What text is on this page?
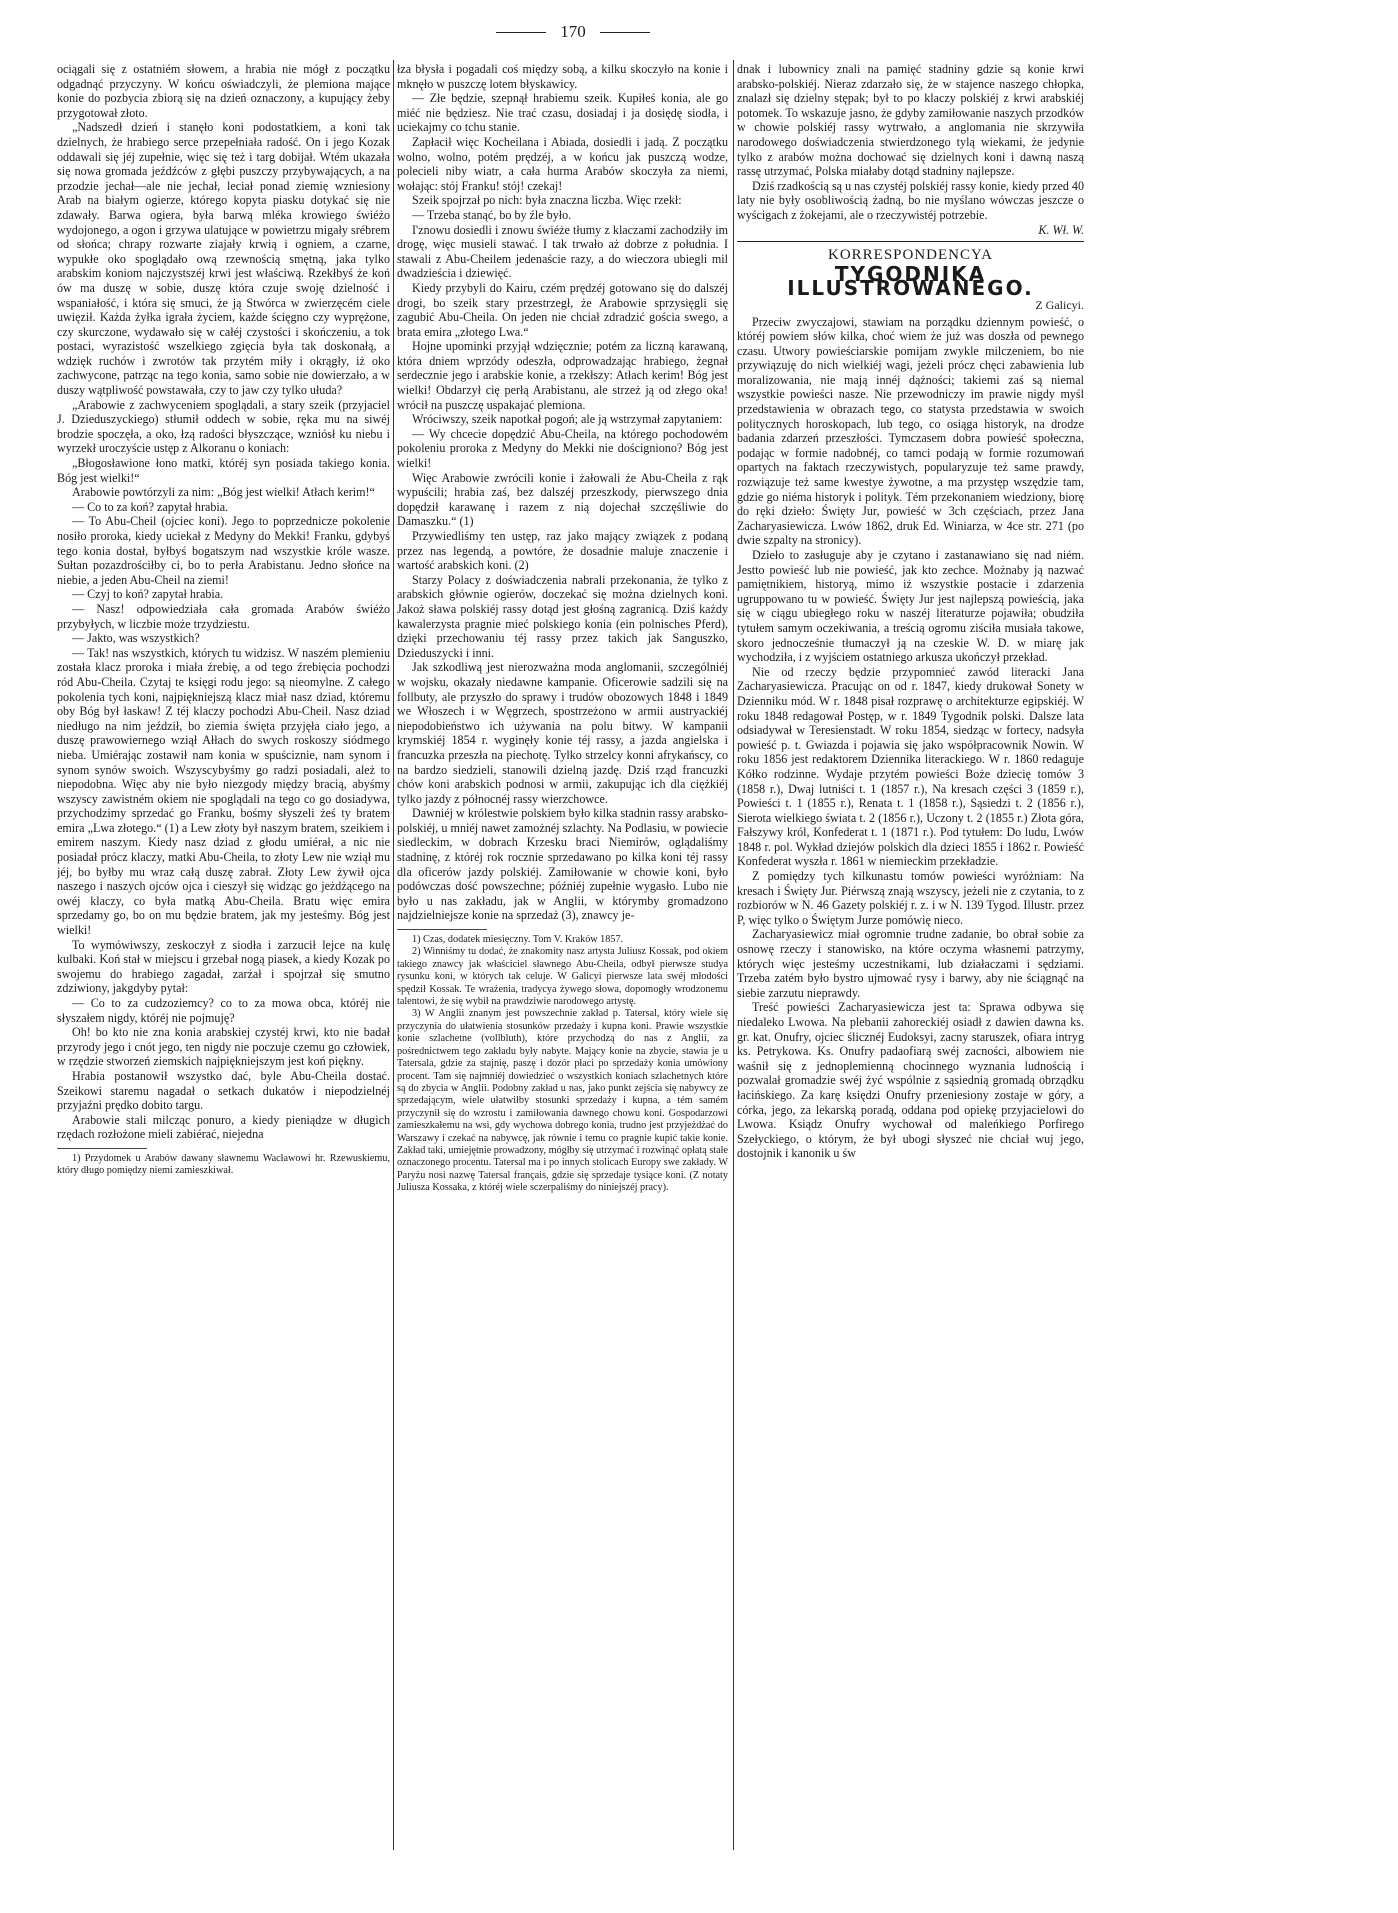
170

ociągali się z ostatniém słowem, a hrabia nie mógł z początku odgadnąć przyczyny. W końcu oświadczyli, że plemiona mające konie do pozbycia zbiorą się na dzień oznaczony, a kupujący żeby przygotował złoto.

„Nadszedł dzień i stanęło koni podostatkiem, a koni tak dzielnych, że hrabiego serce przepełniała radość. On i jego Kozak oddawali się jéj zupełnie, więc się też i targ dobijał. Wtém ukazała się nowa gromada jeźdźców z głębi puszczy przybywających, a na przodzie jechał—ale nie jechał, leciał ponad ziemię wzniesiony Arab na białym ogierze, którego kopyta piasku dotykać się nie zdawały. Barwa ogiera, była barwą mléka krowiego świéżo wydojonego, a ogon i grzywa ulatujące w powietrzu migały srébrem od słońca; chrapy rozwarte ziajały krwią i ogniem, a czarne, wypukłe oko spoglądało ową rzewnością smętną, jaka tylko arabskim koniom najczystszéj krwi jest właściwą. Rzekłbyś że koń ów ma duszę w sobie, duszę która czuje swoję dzielność i wspaniałość, i która się smuci, że ją Stwórca w zwierzęcém ciele uwięził. Każda żyłka igrała życiem, każde ścięgno czy wyprężone, czy skurczone, wydawało się w całéj czystości i skończeniu, a tok postaci, wyrazistość wszelkiego zgięcia była tak doskonałą, a wdzięk ruchów i zwrotów tak przytém miły i okrągły, iż oko zachwycone, patrząc na tego konia, samo sobie nie dowierzało, a w duszy wątpliwość powstawała, czy to jaw czy tylko ułuda?

„Arabowie z zachwyceniem spoglądali, a stary szeik (przyjaciel J. Dzieduszyckiego) stłumił oddech w sobie, ręka mu na siwéj brodzie spoczęła, a oko, łzą radości błyszczące, wzniósł ku niebu i wyrzekł uroczyście ustęp z Alkoranu o koniach:

„Błogosławione łono matki, któréj syn posiada takiego konia. Bóg jest wielki!“

Arabowie powtórzyli za nim: „Bóg jest wielki! Atłach kerim!“

— Co to za koń? zapytał hrabia.

— To Abu-Cheil (ojciec koni). Jego to poprzednicze pokolenie nosiło proroka, kiedy uciekał z Medyny do Mekki! Franku, gdybyś tego konia dostał, byłbyś bogatszym nad wszystkie króle wasze. Sułtan pozazdrościłby ci, bo to perła Arabistanu. Jedno słońce na niebie, a jeden Abu-Cheil na ziemi!

— Czyj to koń? zapytał hrabia.

— Nasz! odpowiedziała cała gromada Arabów świéżo przybyłych, w liczbie może trzydziestu.

— Jakto, was wszystkich?

— Tak! nas wszystkich, których tu widzisz. W naszém plemieniu została klacz proroka i miała źrebię, a od tego źrebięcia pochodzi ród Abu-Cheila. Czytaj te księgi rodu jego: są nieomylne. Z całego pokolenia tych koni, najpiękniejszą klacz miał nasz dziad, któremu oby Bóg był łaskaw! Z téj klaczy pochodzi Abu-Cheil. Nasz dziad niedługo na nim jeździł, bo ziemia święta przyjęła ciało jego, a duszę prawowiernego wziął Ałłach do swych roskoszy siódmego nieba. Umiérając zostawił nam konia w spuściznie, nam synom i synom synów swoich. Wszyscybyśmy go radzi posiadali, ależ to niepodobna. Więc aby nie było niezgody między bracią, abyśmy wszyscy zawistném okiem nie spoglądali na tego co go dosiadywa, przychodzimy sprzedać go Franku, bośmy słyszeli żeś ty bratem emira „Lwa złotego.“ (1) a Lew złoty był naszym bratem, szeikiem i emirem naszym. Kiedy nasz dziad z głodu umiérał, a nic nie posiadał prócz klaczy, matki Abu-Cheila, to złoty Lew nie wziął mu jéj, bo byłby mu wraz całą duszę zabrał. Złoty Lew żywił ojca naszego i naszych ojców ojca i cieszył się widząc go jeżdżącego na owéj klaczy, co była matką Abu-Cheila. Bratu więc emira sprzedamy go, bo on mu będzie bratem, jak my jesteśmy. Bóg jest wielki!

To wymówiwszy, zeskoczył z siodła i zarzucił lejce na kulę kulbaki. Koń stał w miejscu i grzebał nogą piasek, a kiedy Kozak po swojemu do hrabiego zagadał, zarżał i spojrzał się smutno zdziwiony, jakgdyby pytał:

— Co to za cudzoziemcy? co to za mowa obca, któréj nie słyszałem nigdy, któréj nie pojmuję?

Oh! bo kto nie zna konia arabskiej czystéj krwi, kto nie badał przyrody jego i cnót jego, ten nigdy nie poczuje czemu go człowiek, w rzędzie stworzeń ziemskich najpiękniejszym jest koń piękny.

Hrabia postanowił wszystko dać, byle Abu-Cheila dostać. Szeikowi staremu nagadał o setkach dukatów i niepodzielnéj przyjaźni prędko dobito targu.

Arabowie stali milcząc ponuro, a kiedy pieniądze w długich rzędach rozłożone mieli zabiérać, niejedna

1) Przydomek u Arabów dawany sławnemu Wacławowi hr. Rzewuskiemu, który długo pomiędzy niemi zamieszkiwał.

łza błysła i pogadali coś między sobą, a kilku skoczyło na konie i mknęło w puszczę lotem błyskawicy.

— Złe będzie, szepnął hrabiemu szeik. Kupiłeś konia, ale go miéć nie będziesz. Nie trać czasu, dosiadaj i ja dosiędę siodła, i uciekajmy co tchu stanie.

Zapłacił więc Kocheilana i Abiada, dosiedli i jadą. Z początku wolno, wolno, potém prędzéj, a w końcu jak puszczą wodze, polecieli niby wiatr, a cała hurma Arabów skoczyła za niemi, wołając: stój Franku! stój! czekaj!

Szeik spojrzał po nich: była znaczna liczba. Więc rzekł:

— Trzeba stanąć, bo by źle było.

I'znowu dosiedli i znowu świéże tłumy z klaczami zachodziły im drogę, więc musieli stawać. I tak trwało aż dobrze z południa. I stawali z Abu-Cheilem jedenaście razy, a do wieczora ubiegli mil dwadzieścia i dziewięć.

Kiedy przybyli do Kairu, czém prędzéj gotowano się do dalszéj drogi, bo szeik stary przestrzegł, że Arabowie sprzysięgli się zagubić Abu-Cheila. On jeden nie chciał zdradzić gościa swego, a brata emira „złotego Lwa.“

Hojne upominki przyjął wdzięcznie; potém za liczną karawaną, która dniem wprzódy odeszła, odprowadzając hrabiego, żegnał serdecznie jego i arabskie konie, a rzekłszy: Atłach kerim! Bóg jest wielki! Obdarzył cię perłą Arabistanu, ale strzeż ją od złego oka! wrócił na puszczę uspakajać plemiona.

Wróciwszy, szeik napotkał pogoń; ale ją wstrzymał zapytaniem:

— Wy chcecie dopędzić Abu-Cheila, na którego pochodowém pokoleniu proroka z Medyny do Mekki nie dościgniono? Bóg jest wielki!

Więc Arabowie zwrócili konie i żałowali że Abu-Cheila z rąk wypuścili; hrabia zaś, bez dalszéj przeszkody, pierwszego dnia dopędził karawanę i razem z nią dojechał szczęśliwie do Damaszku.“ (1)

Przywiedliśmy ten ustęp, raz jako mający związek z podaną przez nas legendą, a powtóre, że dosadnie maluje znaczenie i wartość arabskich koni. (2)

Starzy Polacy z doświadczenia nabrali przekonania, że tylko z arabskich głównie ogierów, doczekać się można dzielnych koni. Jakoż sława polskiéj rassy dotąd jest głośną zagranicą. Dziś każdy kawalerzysta pragnie mieć polskiego konia (ein polnisches Pferd), dzięki przechowaniu téj rassy przez takich jak Sanguszko, Dzieduszycki i inni.

Jak szkodliwą jest nierozważna moda anglomanii, szczególniéj w wojsku, okazały niedawne kampanie. Oficerowie sadzili się na follbuty, ale przyszło do sprawy i trudów obozowych 1848 i 1849 we Włoszech i w Węgrzech, spostrzeżono w armii austryackiéj niepodobieństwo ich używania na polu bitwy. W kampanii krymskiéj 1854 r. wyginęły konie téj rassy, a jazda angielska i francuzka przeszła na piechotę. Tylko strzelcy konni afrykańscy, co na bardzo siedzieli, stanowili dzielną jazdę. Dziś rząd francuzki chów koni arabskich podnosi w armii, zakupując ich dla ciężkiéj tylko jazdy z północnéj rassy wierzchowce.

Dawniéj w królestwie polskiem było kilka stadnin rassy arabsko-polskiéj, u mniéj nawet zamożnéj szlachty. Na Podlasiu, w powiecie siedleckim, w dobrach Krzesku braci Niemirów, oglądaliśmy stadninę, z któréj rok rocznie sprzedawano po kilka koni téj rassy dla oficerów jazdy polskiéj. Zamiłowanie w chowie koni, było podówczas dość powszechne; późniéj zupełnie wygasło. Lubo nie było u nas zakładu, jak w Anglii, w którymby gromadzono najdzielniejsze konie na sprzedaż (3), znawcy je-

1) Czas, dodatek miesięczny. Tom V. Kraków 1857.

2) Winniśmy tu dodać, że znakomity nasz artysta Juliusz Kossak, pod okiem takiego znawcy jak właściciel sławnego Abu-Cheila, odbył pierwsze studya rysunku koni, w których tak celuje. W Galicyi pierwsze lata swéj młodości spędził Kossak. Te wrażenia, tradycya żywego słowa, dopomogły wrodzonemu talentowi, że się wybił na prawdziwie narodowego artystę.

3) W Anglii znanym jest powszechnie zakład p. Tatersal, który wiele się przyczynia do ułatwienia stosunków przedaży i kupna koni. Prawie wszystkie konie szlachetne (vollbluth), które przychodzą do nas z Anglii, za pośrednictwem tego zakładu były nabyte. Mający konie na zbycie, stawia je u Tatersala, gdzie za stajnię, paszę i dozór płaci po sprzedaży konia umówiony procent. Tam się najmniéj dowiedzieć o wszystkich koniach szlachetnych które są do zbycia w Anglii. Podobny zakład u nas, jako punkt zejścia się nabywcy ze sprzedającym, wiele ułatwiłby stosunki sprzedaży i kupna, a tém samém przyczynił się do wzrostu i zamiłowania dawnego chowu koni. Gospodarzowi zamieszkałemu na wsi, gdy wychowa dobrego konia, trudno jest przyjeżdżać do Warszawy i czekać na nabywcę, jak równie i temu co pragnie kupić takie konie. Zakład taki, umiejętnie prowadzony, mógłby się utrzymać i rozwinąć opłatą stałe oznaczonego procentu. Tatersal ma i po innych stolicach Europy swe zakłady. W Paryżu nosi nazwę Tatersal français, gdzie się sprzedaje tysiące koni. (Z notaty Juliusza Kossaka, z któréj wiele sczerpaliśmy do niniejszéj pracy).

dnak i lubownicy znali na pamięć stadniny gdzie są konie krwi arabsko-polskiéj. Nieraz zdarzało się, że w stajence naszego chłopka, znalazł się dzielny stępak; był to po klaczy polskiéj z krwi arabskiéj potomek. To wskazuje jasno, że gdyby zamiłowanie naszych przodków w chowie polskiéj rassy wytrwało, a anglomania nie skrzywiła narodowego doświadczenia stwierdzonego tylą wiekami, że jedynie tylko z arabów można dochować się dzielnych koni i dawną naszą rassę utrzymać, Polska miałaby dotąd stadniny najlepsze.

Dziś rzadkością są u nas czystéj polskiéj rassy konie, kiedy przed 40 laty nie były osobliwością żadną, bo nie myślano wówczas jeszcze o wyścigach z żokejami, ale o rzeczywistéj potrzebie.

K. Wł. W.
KORRESPONDENCYA
TYGODNIKA ILLUSTROWANEGO.
Z Galicyi.

Przeciw zwyczajowi, stawiam na porządku dziennym powieść, o któréj powiem słów kilka, choć wiem że już was doszła od pewnego czasu. Utwory powieściarskie pomijam zwykle milczeniem, bo nie przywiązuję do nich wielkiéj wagi, jeżeli prócz chęci zabawienia lub moralizowania, nie mają innéj dążności; takiemi zaś są niemal wszystkie powieści nasze. Nie przewodniczy im prawie nigdy myśl przedstawienia w obrazach tego, co statysta przedstawia w swoich politycznych horoskopach, lub tego, co osiąga historyk, na drodze badania zdarzeń przeszłości. Tymczasem dobra powieść społeczna, podając w formie nadobnéj, co tamci podają w formie rozumowań opartych na faktach rzeczywistych, popularyzuje też same prawdy, rozwiązuje też same kwestye żywotne, a ma przystęp wszędzie tam, gdzie go niéma historyk i polityk. Tém przekonaniem wiedziony, biorę do ręki dzieło: Święty Jur, powieść w 3ch częściach, przez Jana Zacharyasiewicza. Lwów 1862, druk Ed. Winiarza, w 4ce str. 271 (po dwie szpalty na stronicy).

Dzieło to zasługuje aby je czytano i zastanawiano się nad niém. Jestto powieść lub nie powieść, jak kto zechce. Możnaby ją nazwać pamiętnikiem, historyą, mimo iż wszystkie postacie i zdarzenia ugruppowano tu w powieść. Święty Jur jest najlepszą powieścią, jaka się w ciągu ubiegłego roku w naszéj literaturze pojawiła; obudziła tytułem samym oczekiwania, a treścią ogromu ziściła musiała takowe, skoro jednocześnie tłumaczył ją na czeskie W. D. w miarę jak wychodziła, i z wyjściem ostatniego arkusza ukończył przekład.

Nie od rzeczy będzie przypomnieć zawód literacki Jana Zacharyasiewicza. Pracując on od r. 1847, kiedy drukował Sonety w Dzienniku mód. W r. 1848 pisał rozprawę o architekturze egipskiéj. W roku 1848 redagował Postęp, w r. 1849 Tygodnik polski. Dalsze lata odsiadywał w Teresienstadt. W roku 1854, siedząc w fortecy, nadsyła powieść p. t. Gwiazda i pojawia się jako współpracownik Nowin. W roku 1856 jest redaktorem Dziennika literackiego. W r. 1860 redaguje Kółko rodzinne. Wydaje przytém powieści Boże dziecię tomów 3 (1858 r.), Dwaj lutniści t. 1 (1857 r.), Na kresach części 3 (1859 r.), Powieści t. 1 (1855 r.), Renata t. 1 (1858 r.), Sąsiedzi t. 2 (1856 r.), Sierota wielkiego świata t. 2 (1856 r.), Uczony t. 2 (1855 r.) Złota góra, Fałszywy król, Konfederat t. 1 (1871 r.). Pod tytułem: Do ludu, Lwów 1848 r. pol. Wykład dziejów polskich dla dzieci 1855 i 1862 r. Powieść Konfederat wyszła r. 1861 w niemieckim przekładzie.

Z pomiędzy tych kilkunastu tomów powieści wyróżniam: Na kresach i Święty Jur. Piérwszą znają wszyscy, jeżeli nie z czytania, to z rozbiorów w N. 46 Gazety polskiéj r. z. i w N. 139 Tygod. Illustr. przez P, więc tylko o Świętym Jurze pomówię nieco.

Zacharyasiewicz miał ogromnie trudne zadanie, bo obrał sobie za osnowę rzeczy i stanowisko, na które oczyma własnemi patrzymy, których więc jesteśmy uczestnikami, lub działaczami i sędziami. Trzeba zatém było bystro ujmować rysy i barwy, aby nie ściągnąć na siebie zarzutu nieprawdy.

Treść powieści Zacharyasiewicza jest ta: Sprawa odbywa się niedaleko Lwowa. Na plebanii zahoreckiéj osiadł z dawien dawna ks. gr. kat. Onufry, ojciec ślicznéj Eudoksyi, zacny staruszek, ofiara intryg ks. Petrykowa. Ks. Onufry padaofiarą swéj zacności, albowiem nie waśnił się z jednoplemienną chocinnego wyznania ludnością i pozwalał gromadzie swéj żyć wspólnie z sąsiednią gromadą obrządku łacińskiego. Za karę księdzi Onufry przeniesiony zostaje w góry, a córka, jego, za lekarską poradą, oddana pod opiekę przyjacielowi do Lwowa. Ksiądz Onufry wychował od maleńkiego Porfirego Szełyckiego, o którym, że był ubogi słyszeć nie chciał wuj jego, dostojnik i kanonik u św
